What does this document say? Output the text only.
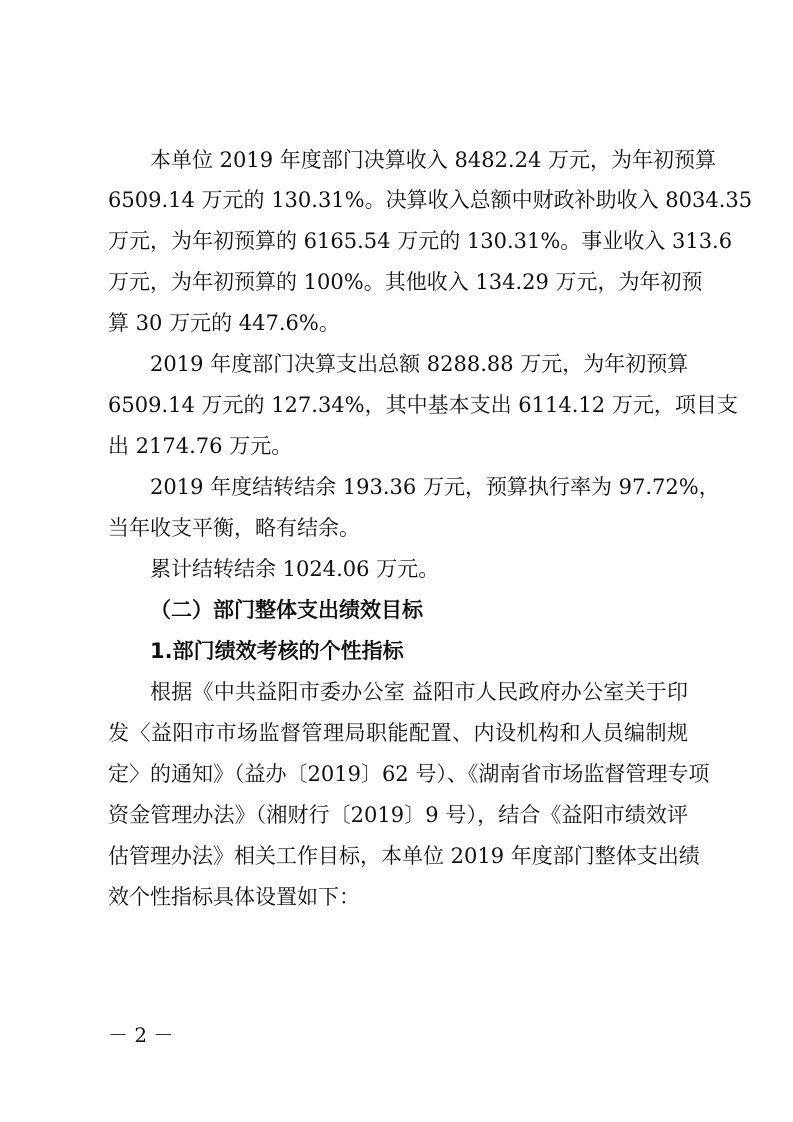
本单位 2019 年度部门决算收入 8482.24 万元，为年初预算
6509.14 万元的 130.31%。决算收入总额中财政补助收入 8034.35
万元，为年初预算的 6165.54 万元的 130.31%。事业收入 313.6
万元，为年初预算的 100%。其他收入 134.29 万元，为年初预
算 30 万元的 447.6%。
2019 年度部门决算支出总额 8288.88 万元，为年初预算
6509.14 万元的 127.34%，其中基本支出 6114.12 万元，项目支
出 2174.76 万元。
2019 年度结转结余 193.36 万元，预算执行率为 97.72%，
当年收支平衡，略有结余。
累计结转结余 1024.06 万元。
（二）部门整体支出绩效目标
1.部门绩效考核的个性指标
根据《中共益阳市委办公室 益阳市人民政府办公室关于印
发〈益阳市市场监督管理局职能配置、内设机构和人员编制规
定〉的通知》（益办〔2019〕62 号）、《湖南省市场监督管理专项
资金管理办法》（湘财行〔2019〕9 号），结合《益阳市绩效评
估管理办法》相关工作目标，本单位 2019 年度部门整体支出绩
效个性指标具体设置如下：
－ 2 －
